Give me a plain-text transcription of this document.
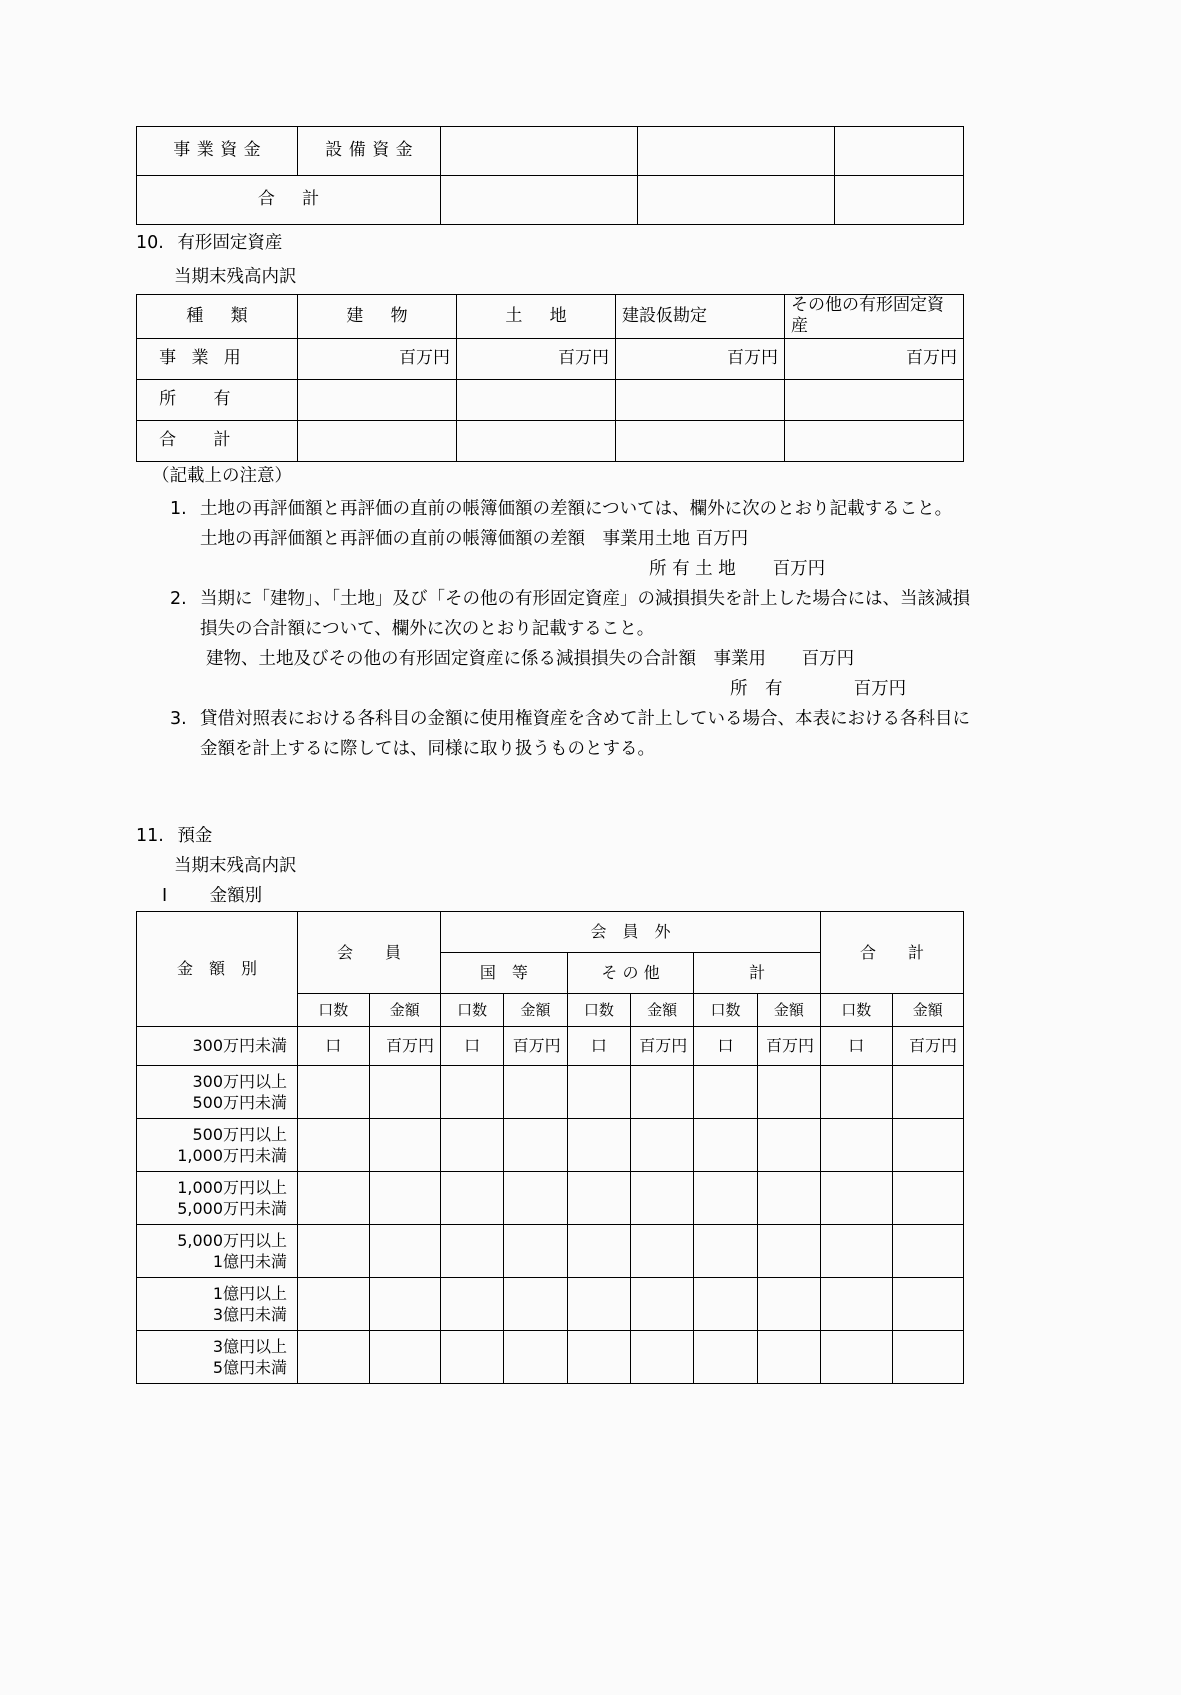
事業資金	設備資金			

合計				

10. 有形固定資産
当期末残高内訳
種類	建物	土地	建設仮勘定	その他の有形固定資産

事業用	百万円	百万円	百万円	百万円

所有				

合計				

（記載上の注意）
1. 土地の再評価額と再評価の直前の帳簿価額の差額については、欄外に次のとおり記載すること。
土地の再評価額と再評価の直前の帳簿価額の差額　事業用土地 百万円
所 有 土 地 百万円
2. 当期に「建物」、「土地」及び「その他の有形固定資産」の減損損失を計上した場合には、当該減損損失の合計額について、欄外に次のとおり記載すること。
建物、土地及びその他の有形固定資産に係る減損損失の合計額　事業用 百万円
所　有	百万円
3. 貸借対照表における各科目の金額に使用権資産を含めて計上している場合、本表における各科目に金額を計上するに際しては、同様に取り扱うものとする。
11. 預金
当期末残高内訳
Ⅰ 金額別
金　額　別	会　　員		会　員　外						合　　計	
			国　等		そ の 他		計			
	口数	金額	口数	金額	口数	金額	口数	金額	口数	金額

300万円未満	口	百万円	口	百万円	口	百万円	口	百万円	口	百万円

300万円以上
500万円未満										

500万円以上
1,000万円未満										

1,000万円以上
5,000万円未満										

5,000万円以上
1億円未満										

1億円以上
3億円未満										

3億円以上
5億円未満										
